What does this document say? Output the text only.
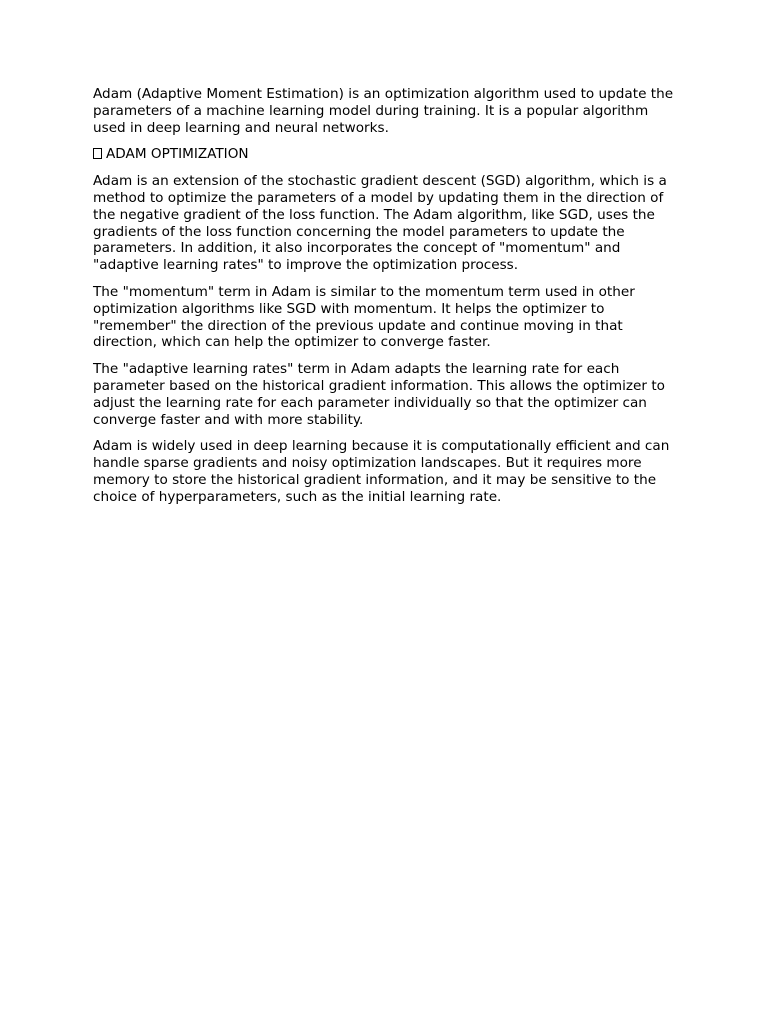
Adam (Adaptive Moment Estimation) is an optimization algorithm used to update the parameters of a machine learning model during training. It is a popular algorithm used in deep learning and neural networks.

ADAM OPTIMIZATION

Adam is an extension of the stochastic gradient descent (SGD) algorithm, which is a method to optimize the parameters of a model by updating them in the direction of the negative gradient of the loss function. The Adam algorithm, like SGD, uses the gradients of the loss function concerning the model parameters to update the parameters. In addition, it also incorporates the concept of "momentum" and "adaptive learning rates" to improve the optimization process.

The "momentum" term in Adam is similar to the momentum term used in other optimization algorithms like SGD with momentum. It helps the optimizer to "remember" the direction of the previous update and continue moving in that direction, which can help the optimizer to converge faster.

The "adaptive learning rates" term in Adam adapts the learning rate for each parameter based on the historical gradient information. This allows the optimizer to adjust the learning rate for each parameter individually so that the optimizer can converge faster and with more stability.

Adam is widely used in deep learning because it is computationally efficient and can handle sparse gradients and noisy optimization landscapes. But it requires more memory to store the historical gradient information, and it may be sensitive to the choice of hyperparameters, such as the initial learning rate.
